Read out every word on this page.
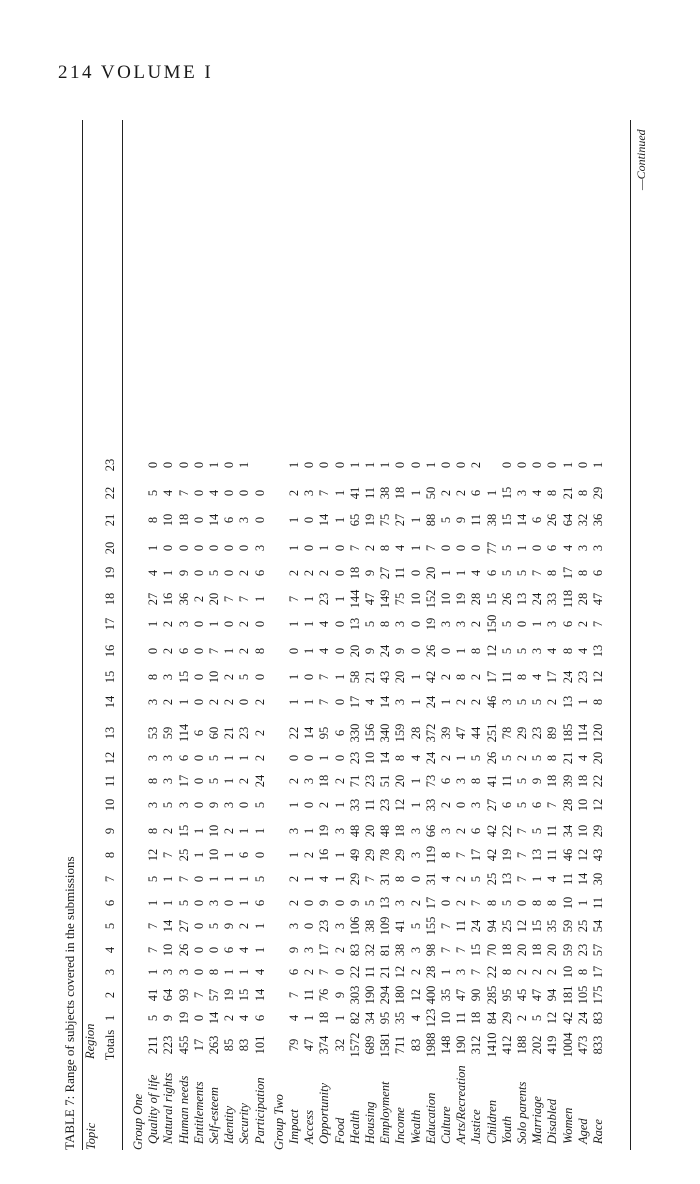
214 VOLUME I
TABLE 7: Range of subjects covered in the submissions Topic
Region
—Continued
Totals
1
2
3
4
5
6
7
8
9
10
11
12
13
14
15
16
17
18
19
20
21
22
23
Group One Quality of life
211
5
41
1
7
7
1
5
12
8
3
8
3
53
3
8
0
1
27
4
1
8
5
0
Natural rights
223
9
64
3
10
14
1
1
7
2
5
3
3
59
2
3
2
2
16
1
0
10
4
0
Human needs
455
19
93
3
26
27
5
7
25
15
3
17
6
114
1
15
6
3
36
9
0
18
7
0
Entitlements
17
0
7
0
0
0
0
0
1
1
0
0
0
6
0
0
0
0
2
0
0
0
0
0
Self-esteem
263
14
57
8
0
5
3
1
10
10
9
5
5
60
2
10
7
1
20
5
0
14
4
1
Identity
85
2
19
1
6
9
0
1
1
2
3
1
1
21
2
2
1
0
7
0
0
6
0
0
Security
83
4
15
1
4
2
1
1
6
1
0
2
1
23
0
5
2
2
7
2
0
3
0
1
Participation
101
6
14
4
1
1
6
5
0
1
5
24
2
2
2
0
8
0
1
6
3
0
0
Group Two Impact
79
4
7
6
9
3
2
2
1
3
1
2
0
22
1
1
0
1
7
2
1
1
2
1
Access
47
1
11
2
3
0
0
1
2
1
0
3
0
14
1
0
1
1
1
2
0
0
3
0
Opportunity
374
18
76
7
17
23
9
4
16
19
2
18
1
95
7
7
4
4
23
2
1
14
7
0
Food
32
1
9
0
2
3
0
1
1
3
1
2
0
6
0
1
0
0
1
0
0
1
1
0
Health
1572
82
303
22
83
106
9
29
49
48
33
71
23
330
17
58
20
13
144
18
7
65
41
1
Housing
689
34
190
11
32
38
5
7
29
20
11
23
10
156
4
21
9
5
47
9
2
19
11
1
Employment
1581
95
294
21
81
109
13
31
78
48
23
51
14
340
14
43
24
8
149
27
8
75
38
1
Income
711
35
180
12
38
41
3
8
29
18
12
20
8
159
3
20
9
3
75
11
4
27
18
0
Wealth
83
4
12
2
3
5
2
0
3
3
1
1
4
28
1
1
0
0
10
0
1
1
1
0
Education
1988
123
400
28
98
155
17
31
119
66
33
73
24
372
24
42
26
19
152
20
7
88
50
1
Culture
148
10
35
1
7
7
0
4
8
3
2
6
2
39
1
2
0
3
10
1
0
5
2
0
Arts/Recreation
190
11
47
3
7
11
2
2
7
2
0
3
1
47
2
8
1
3
19
1
0
9
2
0
Justice
312
18
90
7
15
24
7
5
17
6
3
8
5
44
2
2
8
2
28
4
0
11
6
2
Children
1410
84
285
22
70
94
8
25
42
42
27
41
26
251
46
17
12
150
15
6
77
38
1
Youth
412
29
95
8
18
25
5
13
19
22
6
11
5
78
3
11
5
5
26
5
5
15
15
0
Solo parents
188
2
45
2
20
12
0
7
7
7
5
5
2
29
5
8
5
0
13
5
1
14
3
0
Marriage
202
5
47
2
18
15
8
1
13
5
6
9
5
23
5
4
3
1
24
7
0
6
4
0
Disabled
419
12
94
2
20
35
8
4
11
11
7
18
8
89
2
17
4
3
33
8
6
26
8
0
Women
1004
42
181
10
59
59
10
11
46
34
28
39
21
185
13
24
8
6
118
17
4
64
21
1
Aged
473
24
105
8
23
25
1
14
12
10
10
18
4
114
1
23
4
2
28
8
3
32
8
0
Race
833
83
175
17
57
54
11
30
43
29
12
22
20
120
8
12
13
7
47
6
3
36
29
1
